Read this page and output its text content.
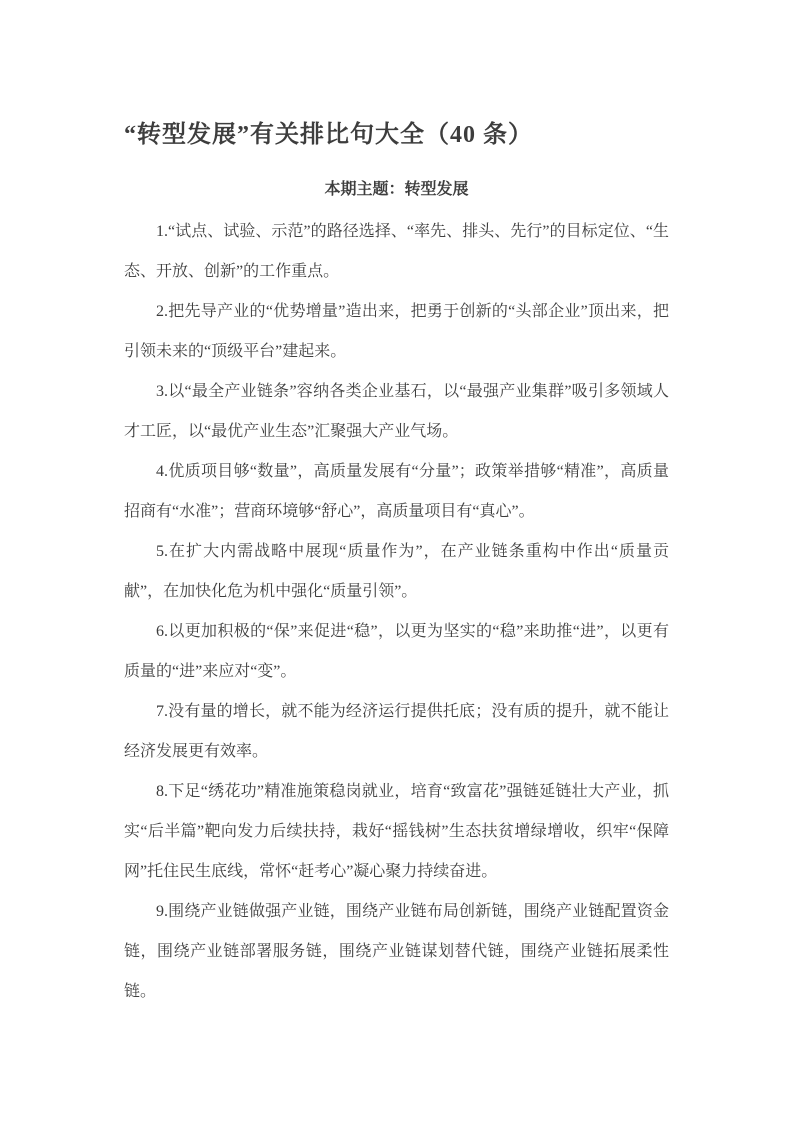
“转型发展”有关排比句大全（40 条）
本期主题：转型发展

1.“试点、试验、示范”的路径选择、“率先、排头、先行”的目标定位、“生态、开放、创新”的工作重点。

2.把先导产业的“优势增量”造出来，把勇于创新的“头部企业”顶出来，把引领未来的“顶级平台”建起来。

3.以“最全产业链条”容纳各类企业基石，以“最强产业集群”吸引多领域人才工匠，以“最优产业生态”汇聚强大产业气场。

4.优质项目够“数量”，高质量发展有“分量”；政策举措够“精准”，高质量招商有“水准”；营商环境够“舒心”，高质量项目有“真心”。

5.在扩大内需战略中展现“质量作为”，在产业链条重构中作出“质量贡献”，在加快化危为机中强化“质量引领”。

6.以更加积极的“保”来促进“稳”，以更为坚实的“稳”来助推“进”，以更有质量的“进”来应对“变”。

7.没有量的增长，就不能为经济运行提供托底；没有质的提升，就不能让经济发展更有效率。

8.下足“绣花功”精准施策稳岗就业，培育“致富花”强链延链壮大产业，抓实“后半篇”靶向发力后续扶持，栽好“摇钱树”生态扶贫增绿增收，织牢“保障网”托住民生底线，常怀“赶考心”凝心聚力持续奋进。

9.围绕产业链做强产业链，围绕产业链布局创新链，围绕产业链配置资金链，围绕产业链部署服务链，围绕产业链谋划替代链，围绕产业链拓展柔性链。
